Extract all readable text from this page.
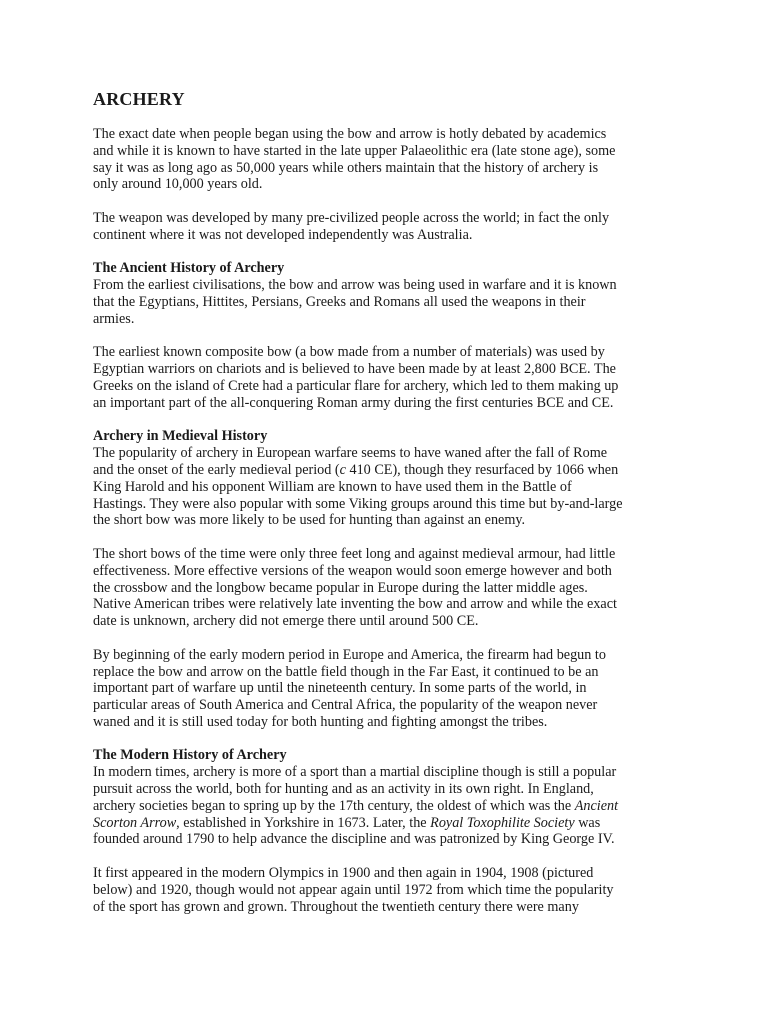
ARCHERY
The exact date when people began using the bow and arrow is hotly debated by academics
and while it is known to have started in the late upper Palaeolithic era (late stone age), some
say it was as long ago as 50,000 years while others maintain that the history of archery is
only around 10,000 years old.
The weapon was developed by many pre-civilized people across the world; in fact the only
continent where it was not developed independently was Australia.
The Ancient History of Archery
From the earliest civilisations, the bow and arrow was being used in warfare and it is known
that the Egyptians, Hittites, Persians, Greeks and Romans all used the weapons in their
armies.
The earliest known composite bow (a bow made from a number of materials) was used by
Egyptian warriors on chariots and is believed to have been made by at least 2,800 BCE. The
Greeks on the island of Crete had a particular flare for archery, which led to them making up
an important part of the all-conquering Roman army during the first centuries BCE and CE.
Archery in Medieval History
The popularity of archery in European warfare seems to have waned after the fall of Rome
and the onset of the early medieval period (c 410 CE), though they resurfaced by 1066 when
King Harold and his opponent William are known to have used them in the Battle of
Hastings. They were also popular with some Viking groups around this time but by-and-large
the short bow was more likely to be used for hunting than against an enemy.
The short bows of the time were only three feet long and against medieval armour, had little
effectiveness. More effective versions of the weapon would soon emerge however and both
the crossbow and the longbow became popular in Europe during the latter middle ages.
Native American tribes were relatively late inventing the bow and arrow and while the exact
date is unknown, archery did not emerge there until around 500 CE.
By beginning of the early modern period in Europe and America, the firearm had begun to
replace the bow and arrow on the battle field though in the Far East, it continued to be an
important part of warfare up until the nineteenth century. In some parts of the world, in
particular areas of South America and Central Africa, the popularity of the weapon never
waned and it is still used today for both hunting and fighting amongst the tribes.
The Modern History of Archery
In modern times, archery is more of a sport than a martial discipline though is still a popular
pursuit across the world, both for hunting and as an activity in its own right. In England,
archery societies began to spring up by the 17th century, the oldest of which was the Ancient
Scorton Arrow, established in Yorkshire in 1673. Later, the Royal Toxophilite Society was
founded around 1790 to help advance the discipline and was patronized by King George IV.
It first appeared in the modern Olympics in 1900 and then again in 1904, 1908 (pictured
below) and 1920, though would not appear again until 1972 from which time the popularity
of the sport has grown and grown. Throughout the twentieth century there were many
